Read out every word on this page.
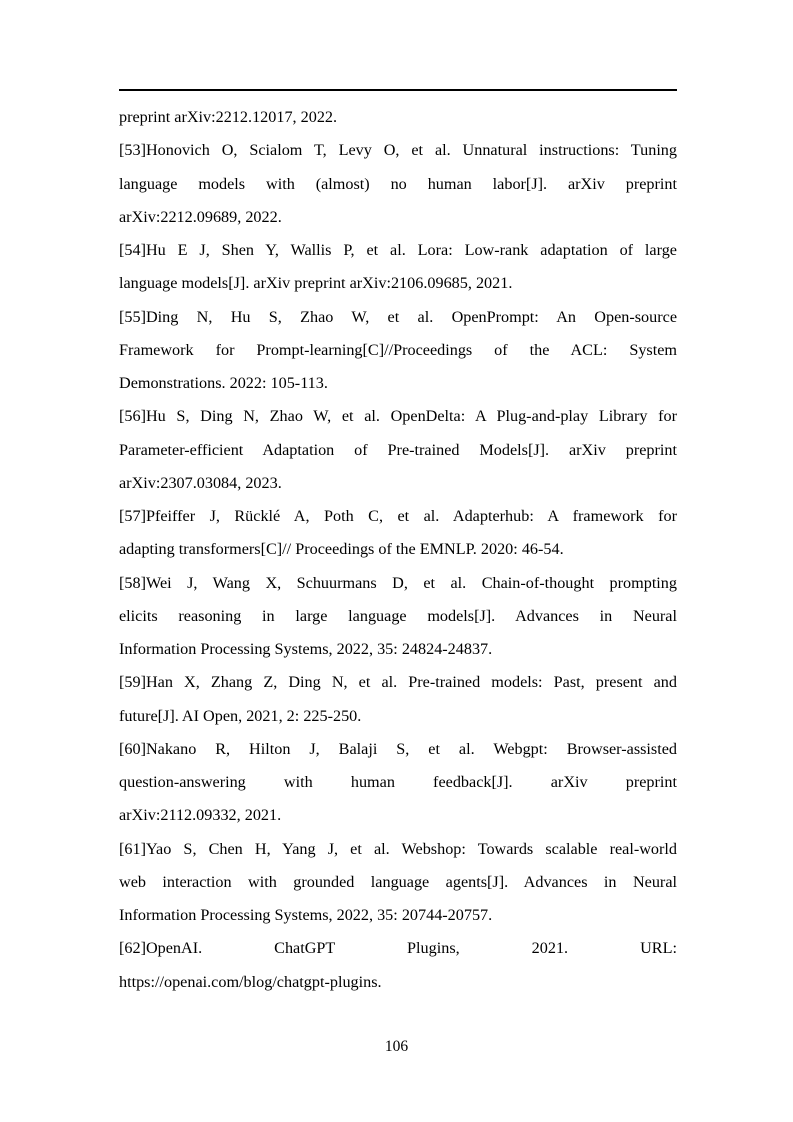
preprint arXiv:2212.12017, 2022.

[53]Honovich O, Scialom T, Levy O, et al. Unnatural instructions: Tuning
language models with (almost) no human labor[J]. arXiv preprint
arXiv:2212.09689, 2022.

[54]Hu E J, Shen Y, Wallis P, et al. Lora: Low-rank adaptation of large
language models[J]. arXiv preprint arXiv:2106.09685, 2021.

[55]Ding N, Hu S, Zhao W, et al. OpenPrompt: An Open-source
Framework for Prompt-learning[C]//Proceedings of the ACL: System
Demonstrations. 2022: 105-113.

[56]Hu S, Ding N, Zhao W, et al. OpenDelta: A Plug-and-play Library for
Parameter-efficient Adaptation of Pre-trained Models[J]. arXiv preprint
arXiv:2307.03084, 2023.

[57]Pfeiffer J, Rücklé A, Poth C, et al. Adapterhub: A framework for
adapting transformers[C]// Proceedings of the EMNLP. 2020: 46-54.

[58]Wei J, Wang X, Schuurmans D, et al. Chain-of-thought prompting
elicits reasoning in large language models[J]. Advances in Neural
Information Processing Systems, 2022, 35: 24824-24837.

[59]Han X, Zhang Z, Ding N, et al. Pre-trained models: Past, present and
future[J]. AI Open, 2021, 2: 225-250.

[60]Nakano R, Hilton J, Balaji S, et al. Webgpt: Browser-assisted
question-answering with human feedback[J]. arXiv preprint
arXiv:2112.09332, 2021.

[61]Yao S, Chen H, Yang J, et al. Webshop: Towards scalable real-world
web interaction with grounded language agents[J]. Advances in Neural
Information Processing Systems, 2022, 35: 20744-20757.

[62]OpenAI. ChatGPT Plugins, 2021. URL:
https://openai.com/blog/chatgpt-plugins.

106
